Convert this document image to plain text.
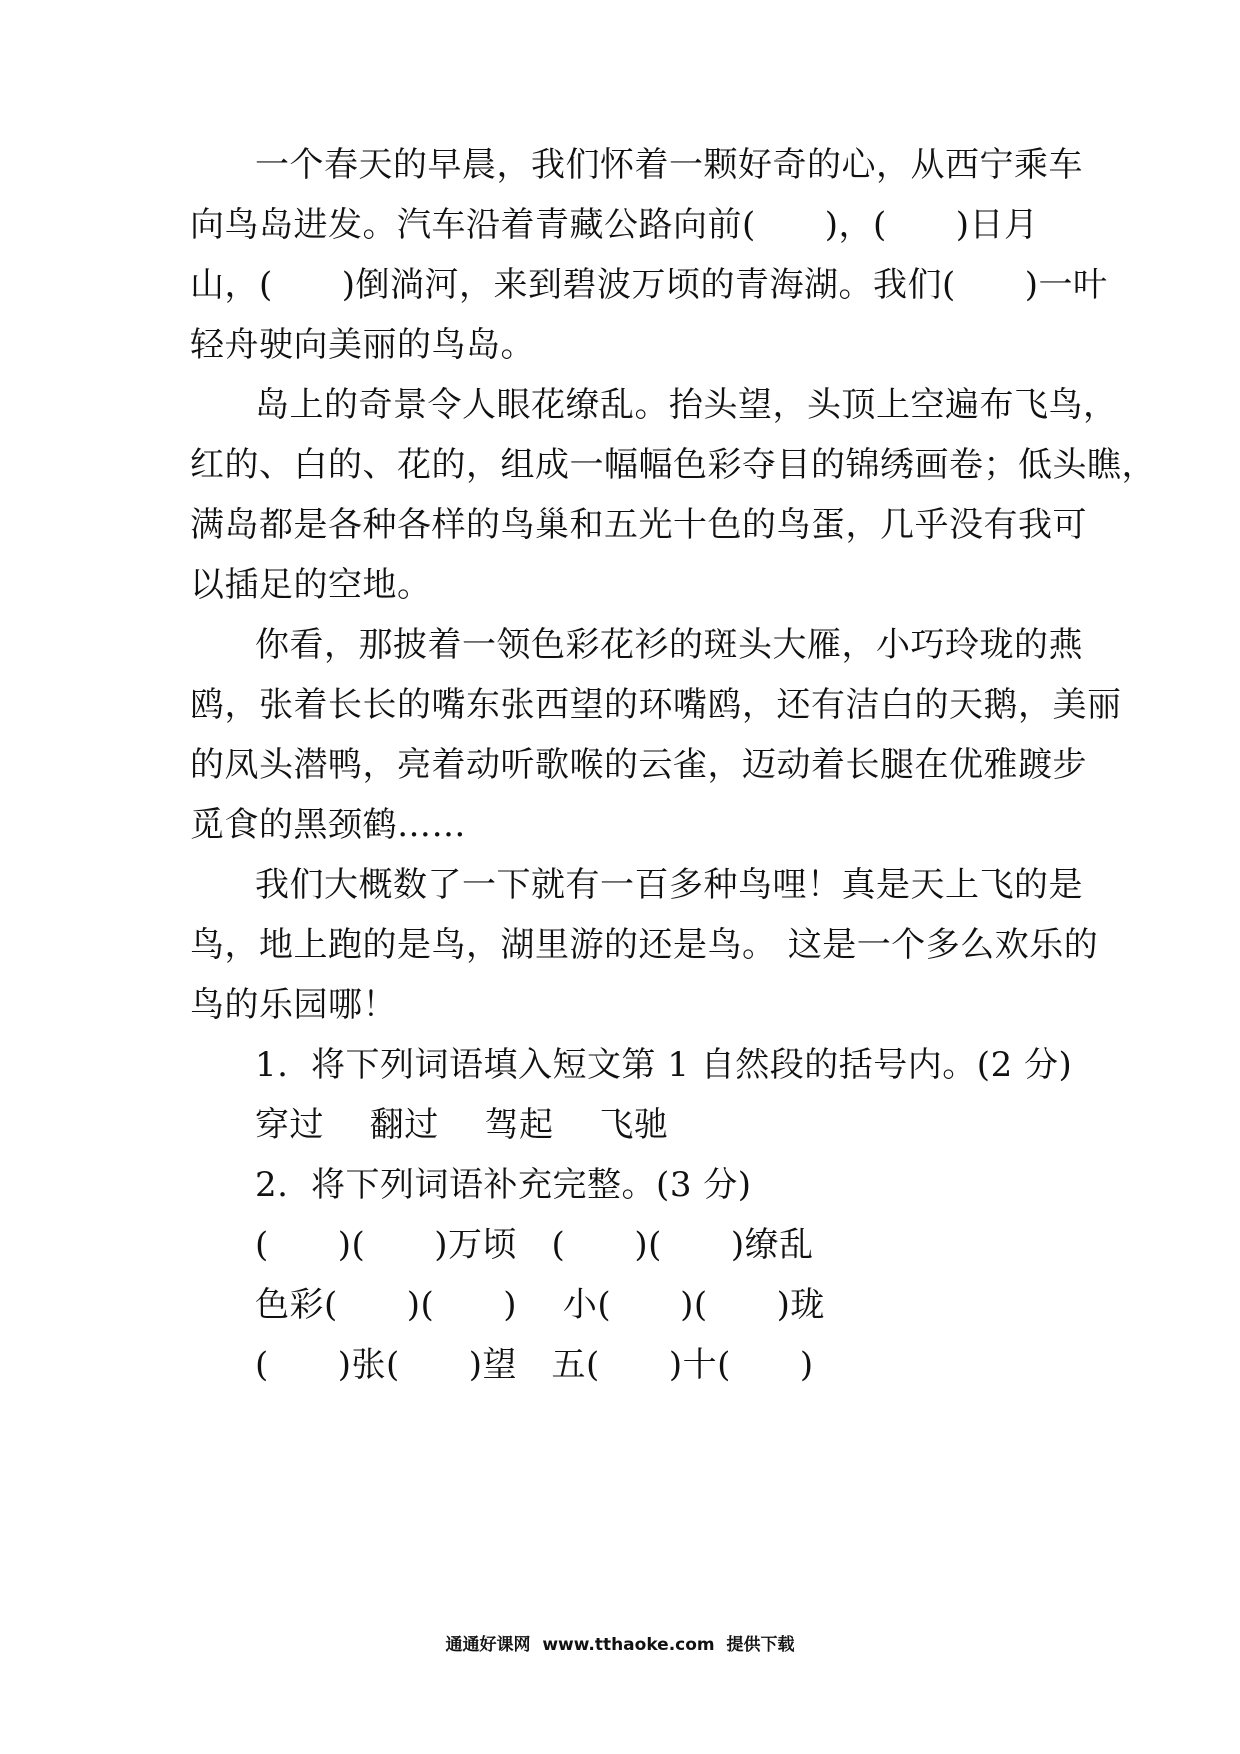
一个春天的早晨，我们怀着一颗好奇的心，从西宁乘车
向鸟岛进发。汽车沿着青藏公路向前(　　)，(　　)日月
山，(　　)倒淌河，来到碧波万顷的青海湖。我们(　　)一叶
轻舟驶向美丽的鸟岛。
岛上的奇景令人眼花缭乱。抬头望，头顶上空遍布飞鸟，
红的、白的、花的，组成一幅幅色彩夺目的锦绣画卷；低头瞧，
满岛都是各种各样的鸟巢和五光十色的鸟蛋，几乎没有我可
以插足的空地。
你看，那披着一领色彩花衫的斑头大雁，小巧玲珑的燕
鸥，张着长长的嘴东张西望的环嘴鸥，还有洁白的天鹅，美丽
的凤头潜鸭，亮着动听歌喉的云雀，迈动着长腿在优雅踱步
觅食的黑颈鹤……
我们大概数了一下就有一百多种鸟哩！真是天上飞的是
鸟，地上跑的是鸟，湖里游的还是鸟。 这是一个多么欢乐的
鸟的乐园哪！
1.  将下列词语填入短文第 1 自然段的括号内。(2 分)
穿过　 翻过　 驾起　 飞驰
2.  将下列词语补充完整。(3 分)
(　　)(　　)万顷　(　　)(　　)缭乱
色彩(　　)(　　)　 小(　　)(　　)珑
(　　)张(　　)望　五(　　)十(　　)
通通好课网  www.tthaoke.com  提供下载
